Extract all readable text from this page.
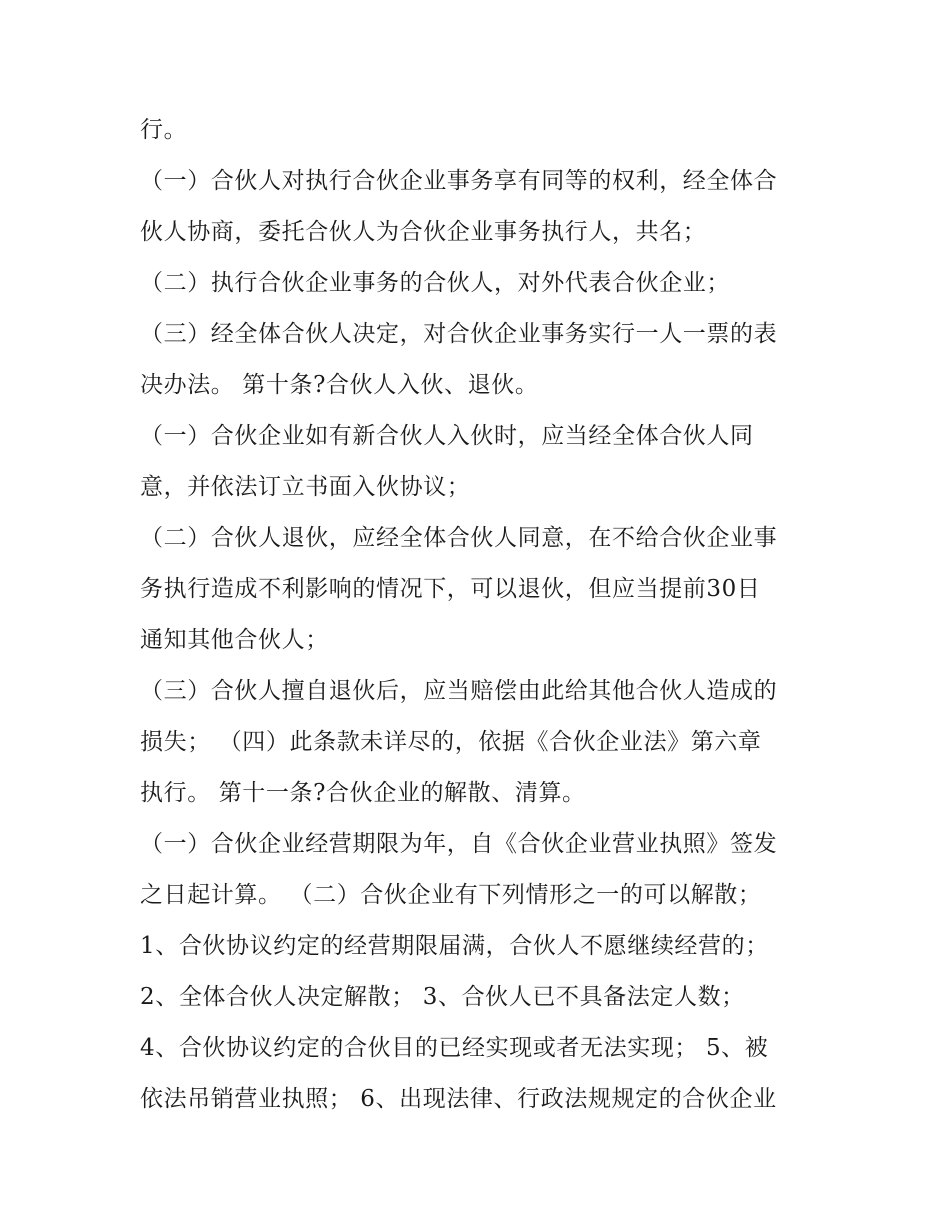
行。
（一）合伙人对执行合伙企业事务享有同等的权利，经全体合
伙人协商，委托合伙人为合伙企业事务执行人，共名；
（二）执行合伙企业事务的合伙人，对外代表合伙企业；
（三）经全体合伙人决定，对合伙企业事务实行一人一票的表
决办法。 第十条?合伙人入伙、退伙。
（一）合伙企业如有新合伙人入伙时，应当经全体合伙人同
意，并依法订立书面入伙协议；
（二）合伙人退伙，应经全体合伙人同意，在不给合伙企业事
务执行造成不利影响的情况下，可以退伙，但应当提前30日
通知其他合伙人；
（三）合伙人擅自退伙后，应当赔偿由此给其他合伙人造成的
损失； （四）此条款未详尽的，依据《合伙企业法》第六章
执行。 第十一条?合伙企业的解散、清算。
（一）合伙企业经营期限为年，自《合伙企业营业执照》签发
之日起计算。 （二）合伙企业有下列情形之一的可以解散；
1、合伙协议约定的经营期限届满，合伙人不愿继续经营的；
2、全体合伙人决定解散； 3、合伙人已不具备法定人数；
4、合伙协议约定的合伙目的已经实现或者无法实现； 5、被
依法吊销营业执照； 6、出现法律、行政法规规定的合伙企业
